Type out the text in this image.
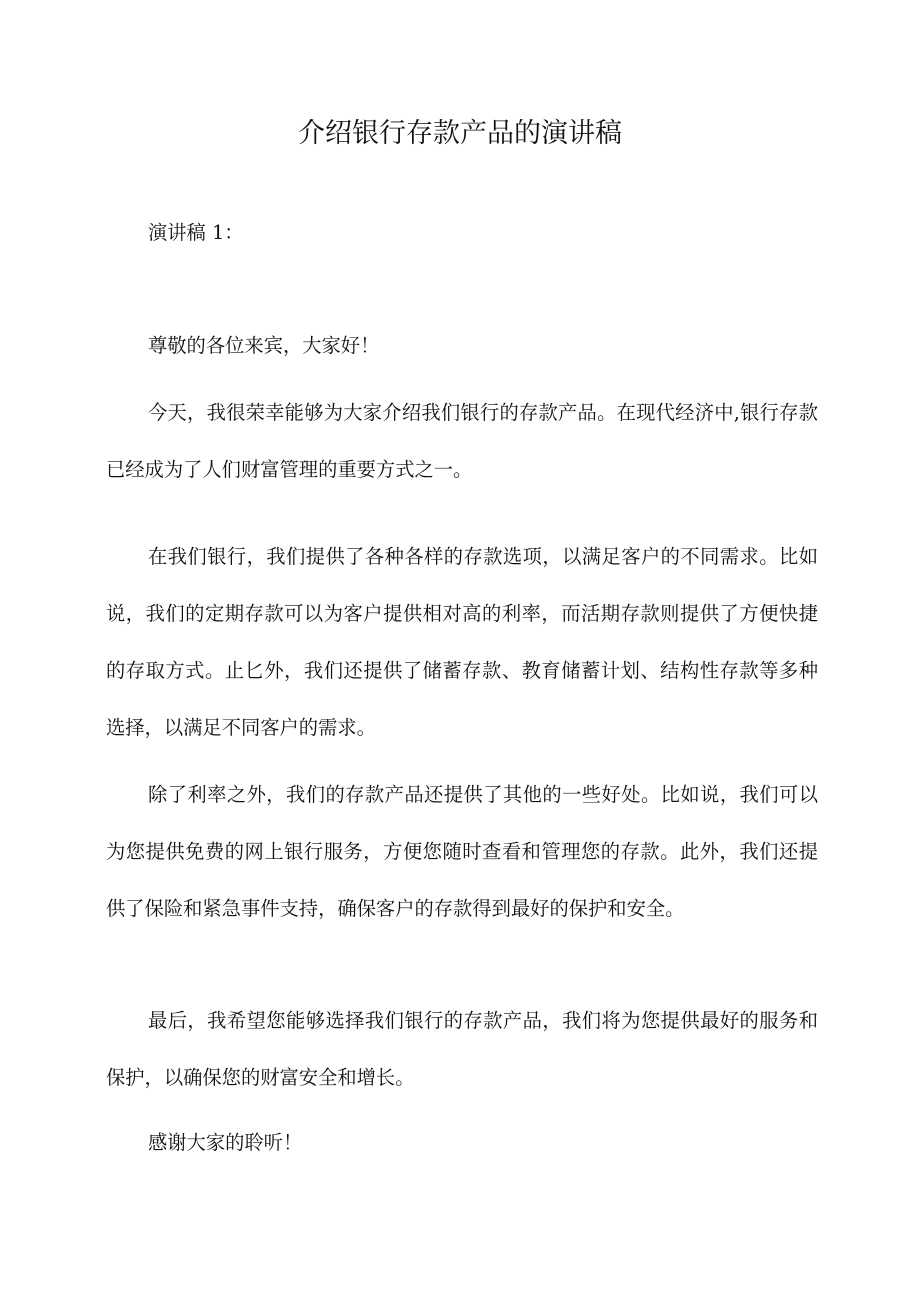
介绍银行存款产品的演讲稿

演讲稿 1：

尊敬的各位来宾，大家好！

今天，我很荣幸能够为大家介绍我们银行的存款产品。在现代经济中,银行存款已经成为了人们财富管理的重要方式之一。

在我们银行，我们提供了各种各样的存款选项，以满足客户的不同需求。比如说，我们的定期存款可以为客户提供相对高的利率，而活期存款则提供了方便快捷的存取方式。止匕外，我们还提供了储蓄存款、教育储蓄计划、结构性存款等多种选择，以满足不同客户的需求。

除了利率之外，我们的存款产品还提供了其他的一些好处。比如说，我们可以为您提供免费的网上银行服务，方便您随时查看和管理您的存款。此外，我们还提供了保险和紧急事件支持，确保客户的存款得到最好的保护和安全。

最后，我希望您能够选择我们银行的存款产品，我们将为您提供最好的服务和保护，以确保您的财富安全和增长。

感谢大家的聆听！
